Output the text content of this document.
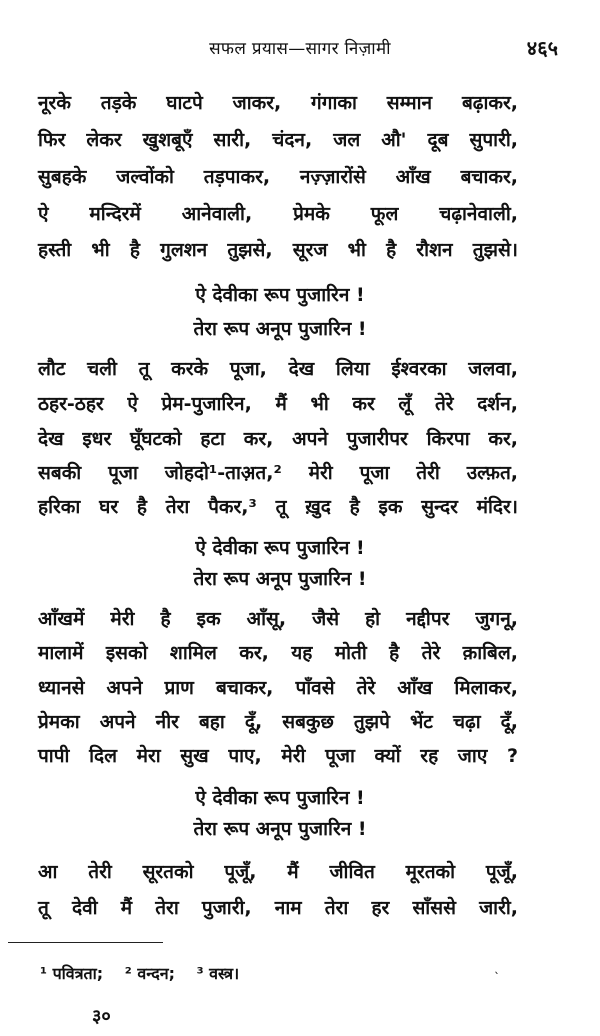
सफल प्रयास—सागर निज़ामी	४६५
नूरके तड़के घाटपे जाकर, गंगाका सम्मान बढ़ाकर,
फिर लेकर खुशबूएँ सारी, चंदन, जल औ' दूब सुपारी,
सुबहके जल्वोंको तड़पाकर, नज़्ज़ारोंसे आँख बचाकर,
ऐ मन्दिरमें आनेवाली, प्रेमके फूल चढ़ानेवाली,
हस्ती भी है गुलशन तुझसे, सूरज भी है रौशन तुझसे।
ऐ देवीका रूप पुजारिन !
तेरा रूप अनूप पुजारिन !
लौट चली तू करके पूजा, देख लिया ईश्वरका जलवा,
ठहर-ठहर ऐ प्रेम-पुजारिन, मैं भी कर लूँ तेरे दर्शन,
देख इधर घूँघटको हटा कर, अपने पुजारीपर किरपा कर,
सबकी पूजा जोहदो¹-ताअ़त,² मेरी पूजा तेरी उल्फ़त,
हरिका घर है तेरा पैकर,³ तू ख़ुद है इक सुन्दर मंदिर।
ऐ देवीका रूप पुजारिन !
तेरा रूप अनूप पुजारिन !
आँखमें मेरी है इक आँसू, जैसे हो नद्दीपर जुगनू,
मालामें इसको शामिल कर, यह मोती है तेरे क़ाबिल,
ध्यानसे अपने प्राण बचाकर, पाँवसे तेरे आँख मिलाकर,
प्रेमका अपने नीर बहा दूँ, सबकुछ तुझपे भेंट चढ़ा दूँ,
पापी दिल मेरा सुख पाए, मेरी पूजा क्यों रह जाए ?
ऐ देवीका रूप पुजारिन !
तेरा रूप अनूप पुजारिन !
आ तेरी सूरतको पूजूँ, मैं जीवित मूरतको पूजूँ,
तू देवी मैं तेरा पुजारी, नाम तेरा हर साँससे जारी,
¹ पवित्रता; ² वन्दन; ³ वस्त्र।	ˎ
३०
